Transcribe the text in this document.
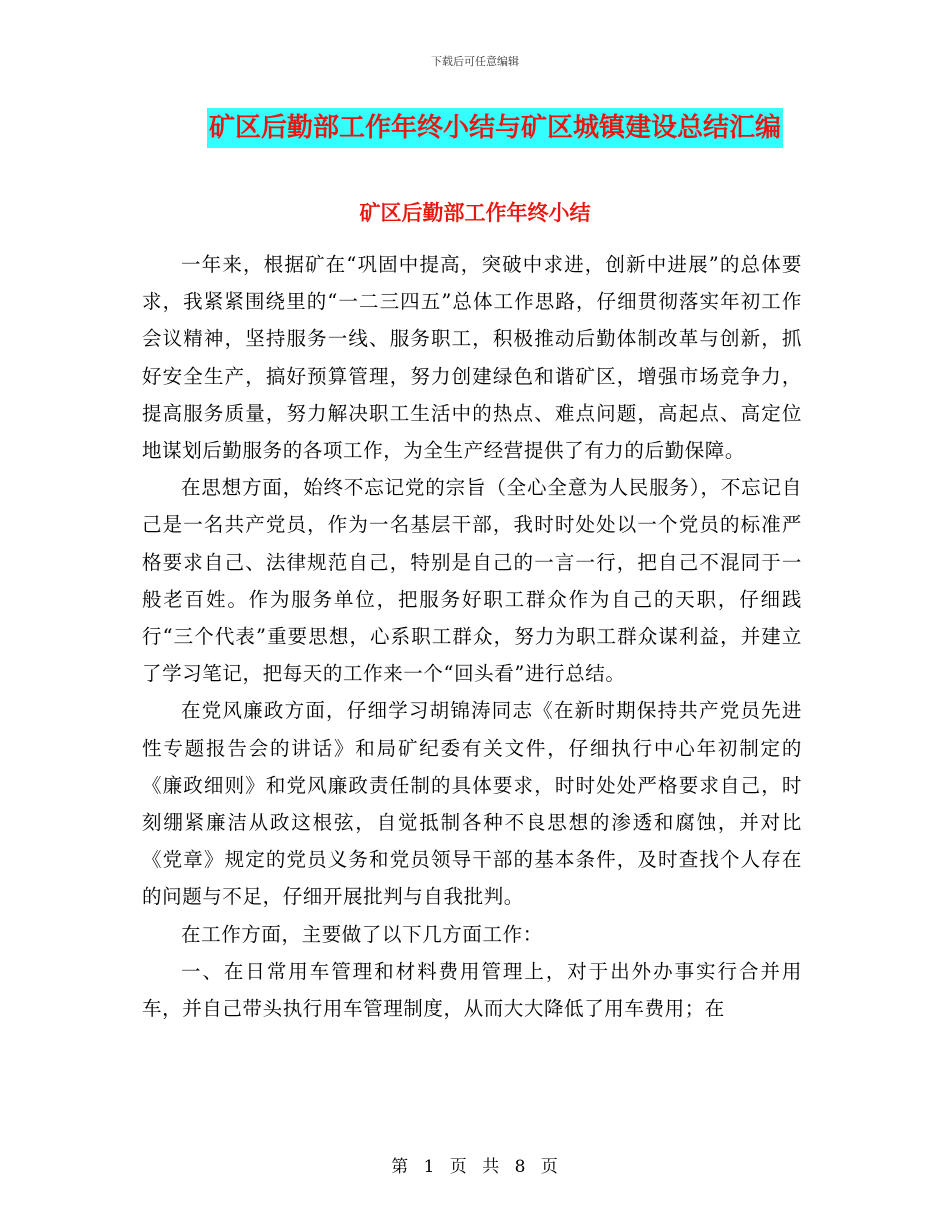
下载后可任意编辑
矿区后勤部工作年终小结与矿区城镇建设总结汇编
矿区后勤部工作年终小结

一年来，根据矿在“巩固中提高，突破中求进，创新中进展”的总体要求，我紧紧围绕里的“一二三四五”总体工作思路，仔细贯彻落实年初工作会议精神，坚持服务一线、服务职工，积极推动后勤体制改革与创新，抓好安全生产，搞好预算管理，努力创建绿色和谐矿区，增强市场竞争力，提高服务质量，努力解决职工生活中的热点、难点问题，高起点、高定位地谋划后勤服务的各项工作，为全生产经营提供了有力的后勤保障。

在思想方面，始终不忘记党的宗旨（全心全意为人民服务），不忘记自己是一名共产党员，作为一名基层干部，我时时处处以一个党员的标准严格要求自己、法律规范自己，特别是自己的一言一行，把自己不混同于一般老百姓。作为服务单位，把服务好职工群众作为自己的天职，仔细践行“三个代表”重要思想，心系职工群众，努力为职工群众谋利益，并建立了学习笔记，把每天的工作来一个“回头看”进行总结。

在党风廉政方面，仔细学习胡锦涛同志《在新时期保持共产党员先进性专题报告会的讲话》和局矿纪委有关文件，仔细执行中心年初制定的《廉政细则》和党风廉政责任制的具体要求，时时处处严格要求自己，时刻绷紧廉洁从政这根弦，自觉抵制各种不良思想的渗透和腐蚀，并对比《党章》规定的党员义务和党员领导干部的基本条件，及时查找个人存在的问题与不足，仔细开展批判与自我批判。

在工作方面，主要做了以下几方面工作：

一、在日常用车管理和材料费用管理上，对于出外办事实行合并用车，并自己带头执行用车管理制度，从而大大降低了用车费用；在

第 1 页 共 8 页
